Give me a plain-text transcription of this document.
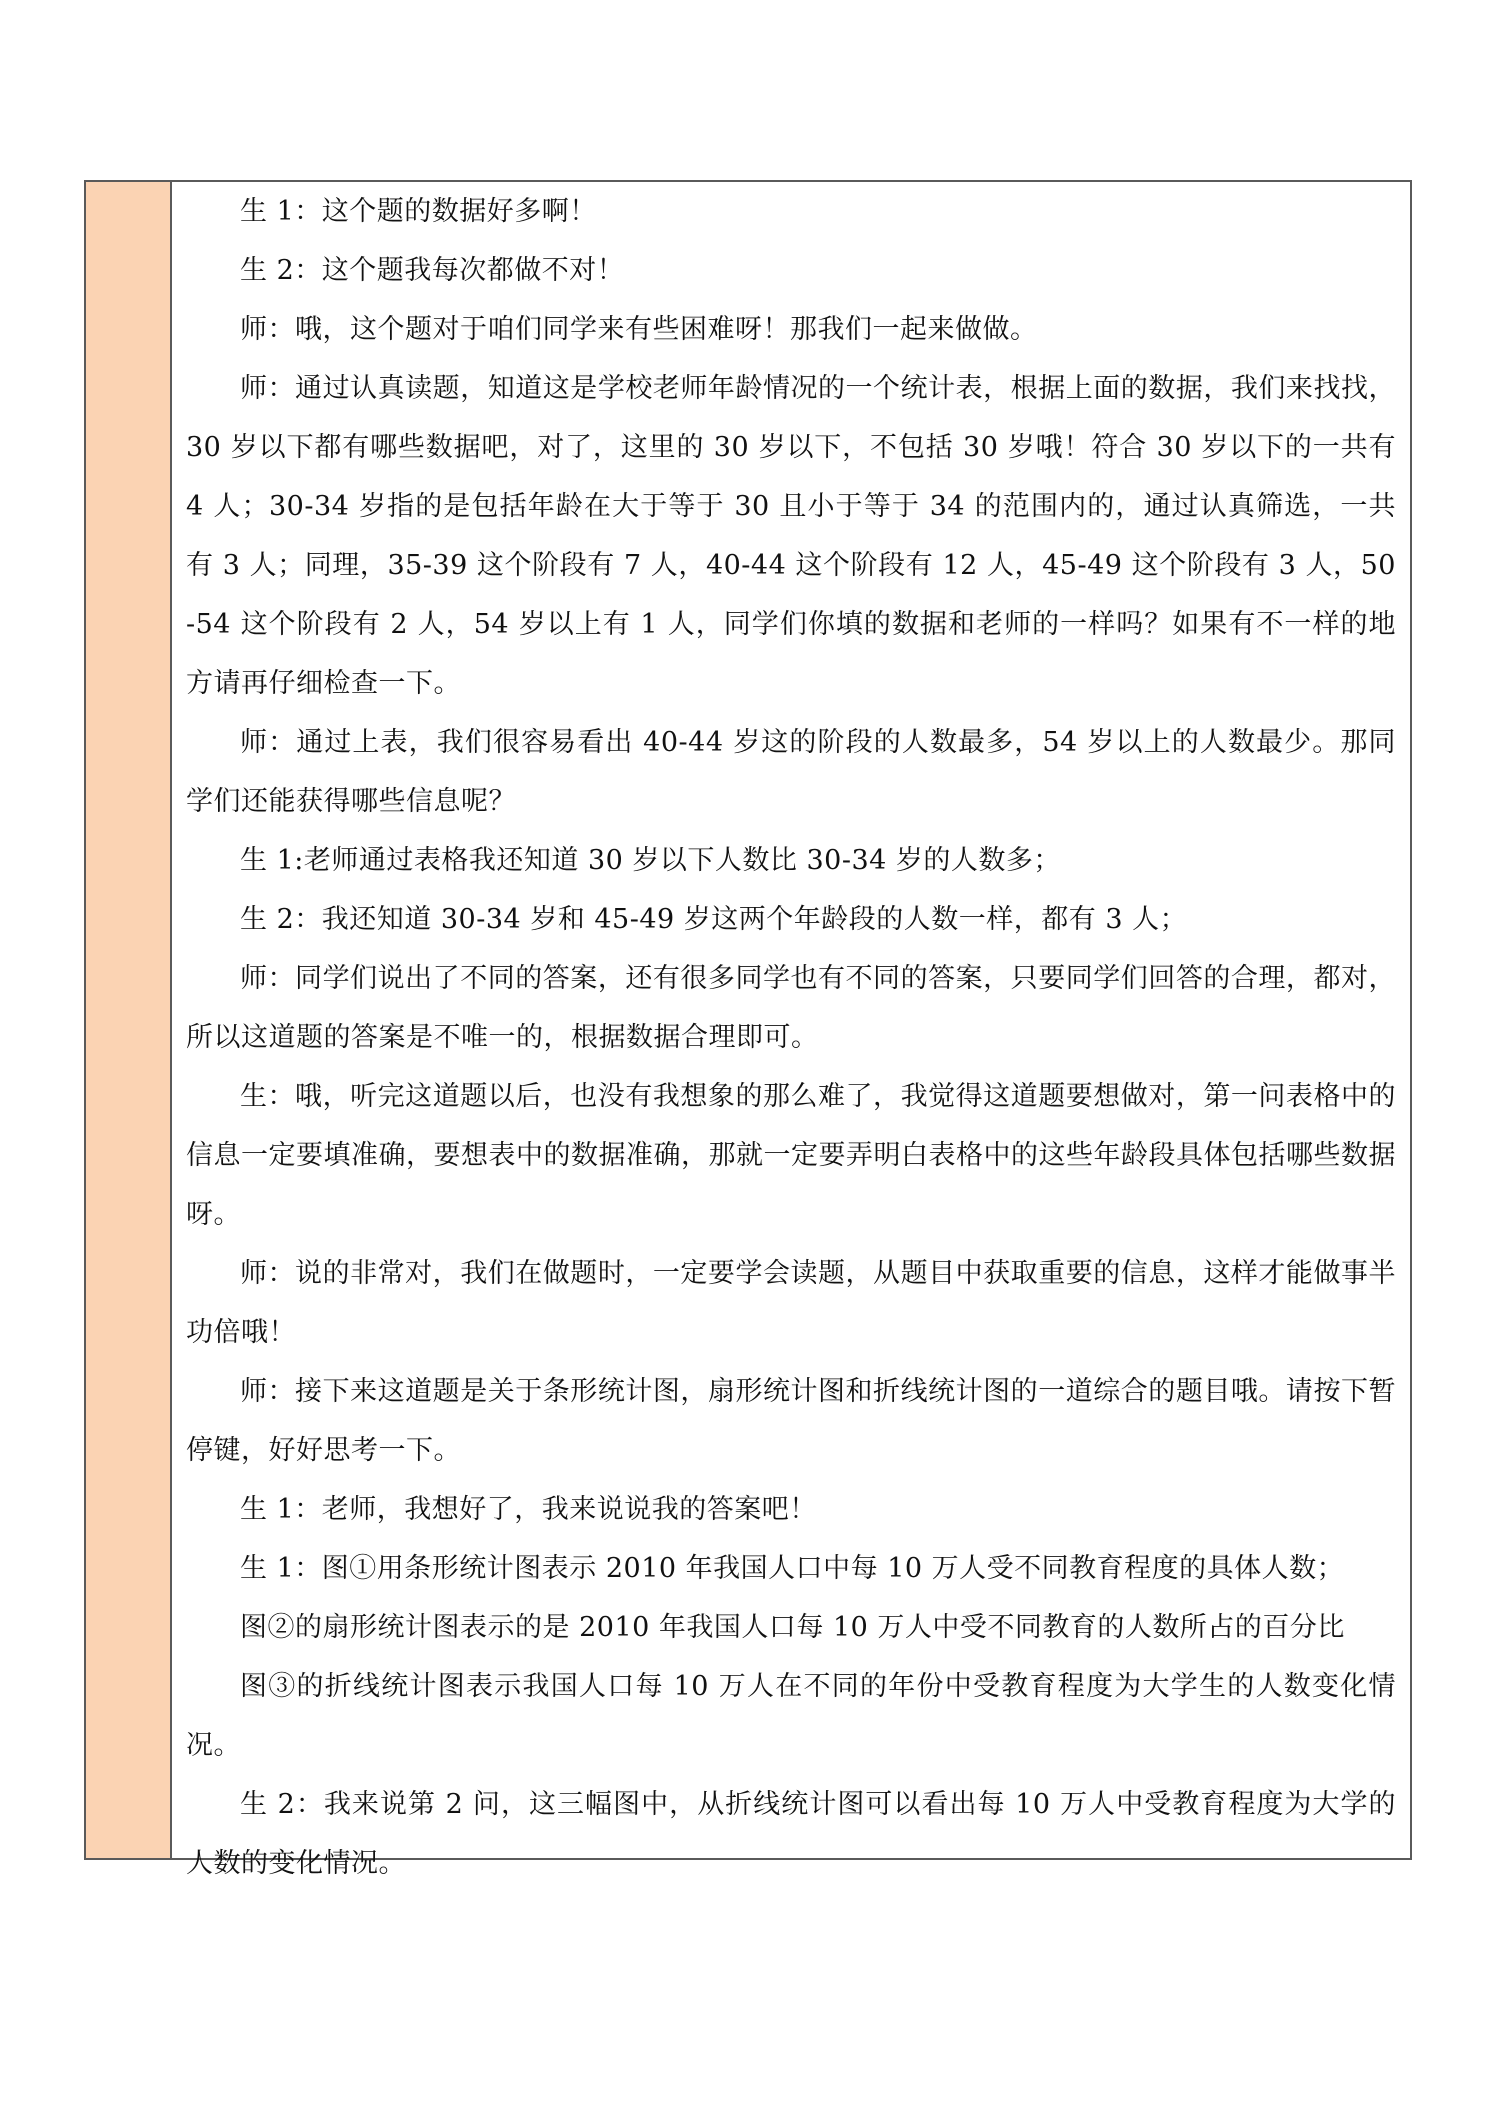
生 1：这个题的数据好多啊！

生 2：这个题我每次都做不对！

师：哦，这个题对于咱们同学来有些困难呀！那我们一起来做做。

师：通过认真读题，知道这是学校老师年龄情况的一个统计表，根据上面的数据，我们来找找，30 岁以下都有哪些数据吧，对了，这里的 30 岁以下，不包括 30 岁哦！符合 30 岁以下的一共有 4 人；30-34 岁指的是包括年龄在大于等于 30 且小于等于 34 的范围内的，通过认真筛选，一共有 3 人；同理，35-39 这个阶段有 7 人，40-44 这个阶段有 12 人，45-49 这个阶段有 3 人，50-54 这个阶段有 2 人，54 岁以上有 1 人，同学们你填的数据和老师的一样吗？如果有不一样的地方请再仔细检查一下。

师：通过上表，我们很容易看出 40-44 岁这的阶段的人数最多，54 岁以上的人数最少。那同学们还能获得哪些信息呢？

生 1:老师通过表格我还知道 30 岁以下人数比 30-34 岁的人数多；

生 2：我还知道 30-34 岁和 45-49 岁这两个年龄段的人数一样，都有 3 人；

师：同学们说出了不同的答案，还有很多同学也有不同的答案，只要同学们回答的合理，都对，所以这道题的答案是不唯一的，根据数据合理即可。

生：哦，听完这道题以后，也没有我想象的那么难了，我觉得这道题要想做对，第一问表格中的信息一定要填准确，要想表中的数据准确，那就一定要弄明白表格中的这些年龄段具体包括哪些数据呀。

师：说的非常对，我们在做题时，一定要学会读题，从题目中获取重要的信息，这样才能做事半功倍哦！

师：接下来这道题是关于条形统计图，扇形统计图和折线统计图的一道综合的题目哦。请按下暂停键，好好思考一下。

生 1：老师，我想好了，我来说说我的答案吧！

生 1：图①用条形统计图表示 2010 年我国人口中每 10 万人受不同教育程度的具体人数；

图②的扇形统计图表示的是 2010 年我国人口每 10 万人中受不同教育的人数所占的百分比

图③的折线统计图表示我国人口每 10 万人在不同的年份中受教育程度为大学生的人数变化情况。

生 2：我来说第 2 问，这三幅图中，从折线统计图可以看出每 10 万人中受教育程度为大学的人数的变化情况。
